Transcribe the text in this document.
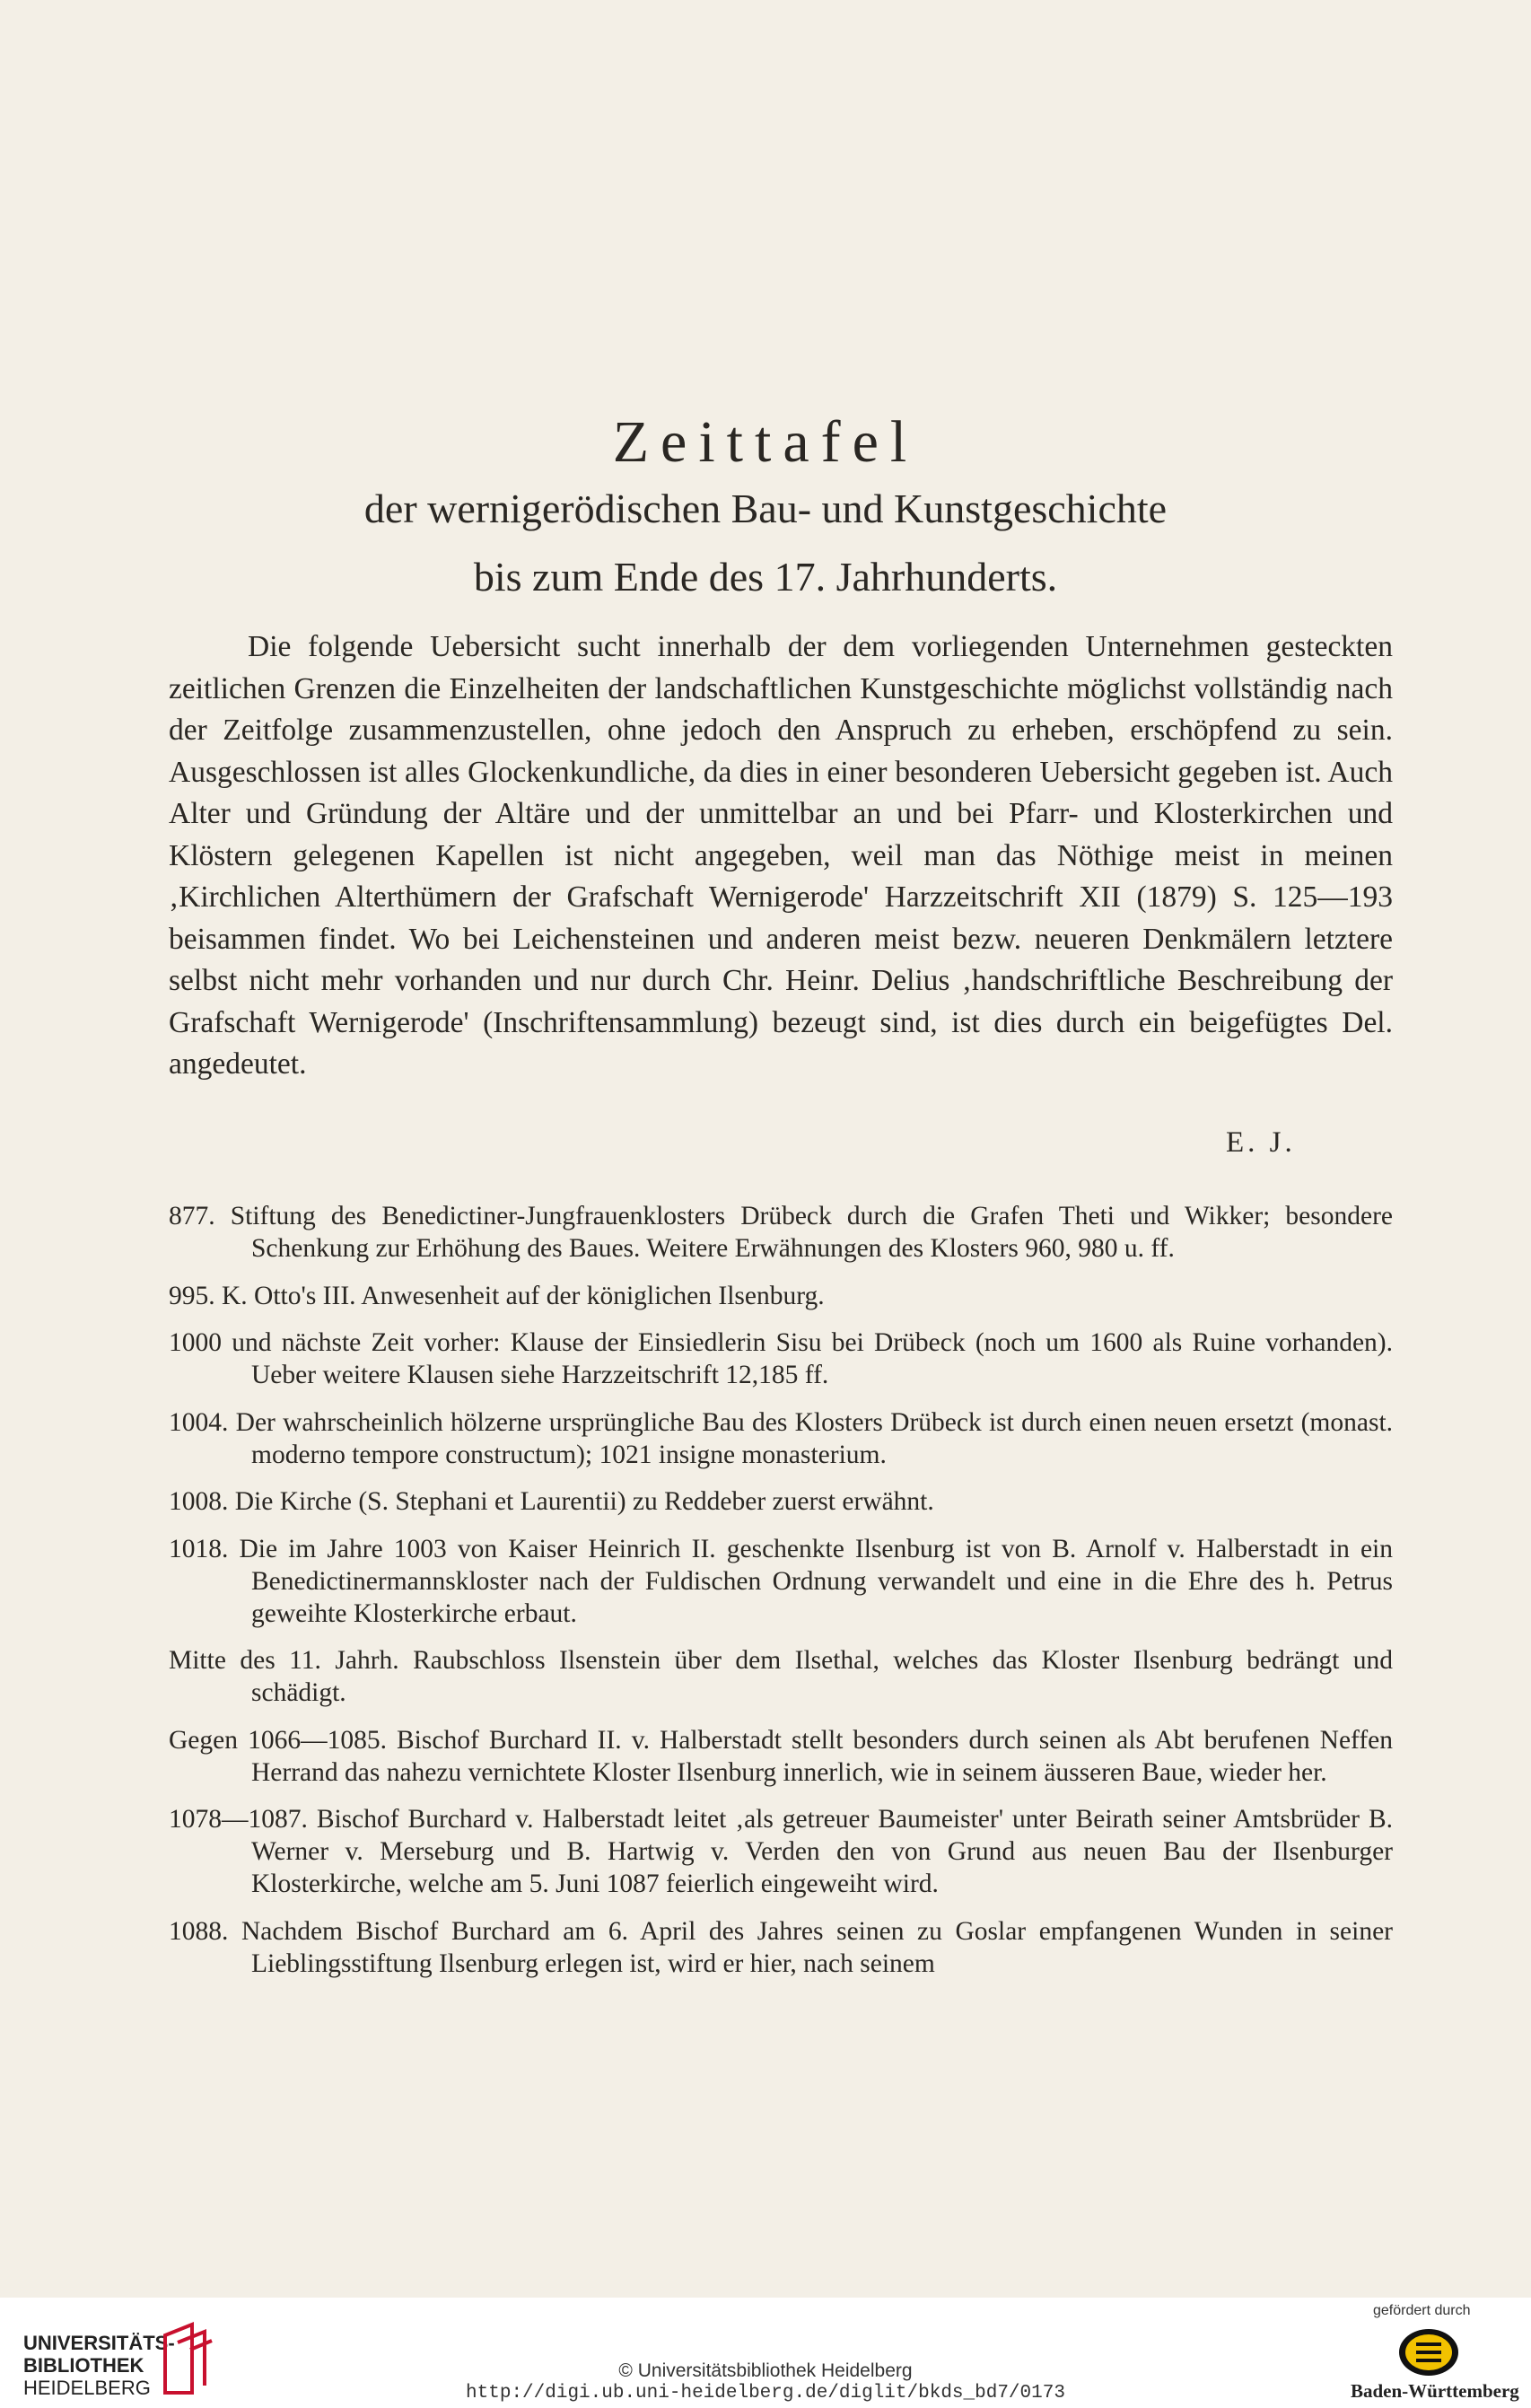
Zeittafel
der wernigerödischen Bau- und Kunstgeschichte
bis zum Ende des 17. Jahrhunderts.
Die folgende Uebersicht sucht innerhalb der dem vorliegenden Unternehmen gesteckten zeitlichen Grenzen die Einzelheiten der landschaftlichen Kunstgeschichte möglichst vollständig nach der Zeitfolge zusammenzustellen, ohne jedoch den Anspruch zu erheben, erschöpfend zu sein. Ausgeschlossen ist alles Glockenkundliche, da dies in einer besonderen Uebersicht gegeben ist. Auch Alter und Gründung der Altäre und der unmittelbar an und bei Pfarr- und Klosterkirchen und Klöstern gelegenen Kapellen ist nicht angegeben, weil man das Nöthige meist in meinen ‚Kirchlichen Alterthümern der Grafschaft Wernigerode' Harzzeitschrift XII (1879) S. 125—193 beisammen findet. Wo bei Leichensteinen und anderen meist bezw. neueren Denkmälern letztere selbst nicht mehr vorhanden und nur durch Chr. Heinr. Delius ‚handschriftliche Beschreibung der Grafschaft Wernigerode' (Inschriftensammlung) bezeugt sind, ist dies durch ein beigefügtes Del. angedeutet.
E. J.
877. Stiftung des Benedictiner-Jungfrauenklosters Drübeck durch die Grafen Theti und Wikker; besondere Schenkung zur Erhöhung des Baues. Weitere Erwähnungen des Klosters 960, 980 u. ff.
995. K. Otto's III. Anwesenheit auf der königlichen Ilsenburg.
1000 und nächste Zeit vorher: Klause der Einsiedlerin Sisu bei Drübeck (noch um 1600 als Ruine vorhanden). Ueber weitere Klausen siehe Harzzeitschrift 12,185 ff.
1004. Der wahrscheinlich hölzerne ursprüngliche Bau des Klosters Drübeck ist durch einen neuen ersetzt (monast. moderno tempore constructum); 1021 insigne monasterium.
1008. Die Kirche (S. Stephani et Laurentii) zu Reddeber zuerst erwähnt.
1018. Die im Jahre 1003 von Kaiser Heinrich II. geschenkte Ilsenburg ist von B. Arnolf v. Halberstadt in ein Benedictinermannskloster nach der Fuldischen Ordnung verwandelt und eine in die Ehre des h. Petrus geweihte Klosterkirche erbaut.
Mitte des 11. Jahrh. Raubschloss Ilsenstein über dem Ilsethal, welches das Kloster Ilsenburg bedrängt und schädigt.
Gegen 1066—1085. Bischof Burchard II. v. Halberstadt stellt besonders durch seinen als Abt berufenen Neffen Herrand das nahezu vernichtete Kloster Ilsenburg innerlich, wie in seinem äusseren Baue, wieder her.
1078—1087. Bischof Burchard v. Halberstadt leitet ‚als getreuer Baumeister' unter Beirath seiner Amtsbrüder B. Werner v. Merseburg und B. Hartwig v. Verden den von Grund aus neuen Bau der Ilsenburger Klosterkirche, welche am 5. Juni 1087 feierlich eingeweiht wird.
1088. Nachdem Bischof Burchard am 6. April des Jahres seinen zu Goslar empfangenen Wunden in seiner Lieblingsstiftung Ilsenburg erlegen ist, wird er hier, nach seinem
UNIVERSITÄTS-
BIBLIOTHEK
HEIDELBERG
© Universitätsbibliothek Heidelberg
http://digi.ub.uni-heidelberg.de/diglit/bkds_bd7/0173
gefördert durch
Baden-Württemberg
